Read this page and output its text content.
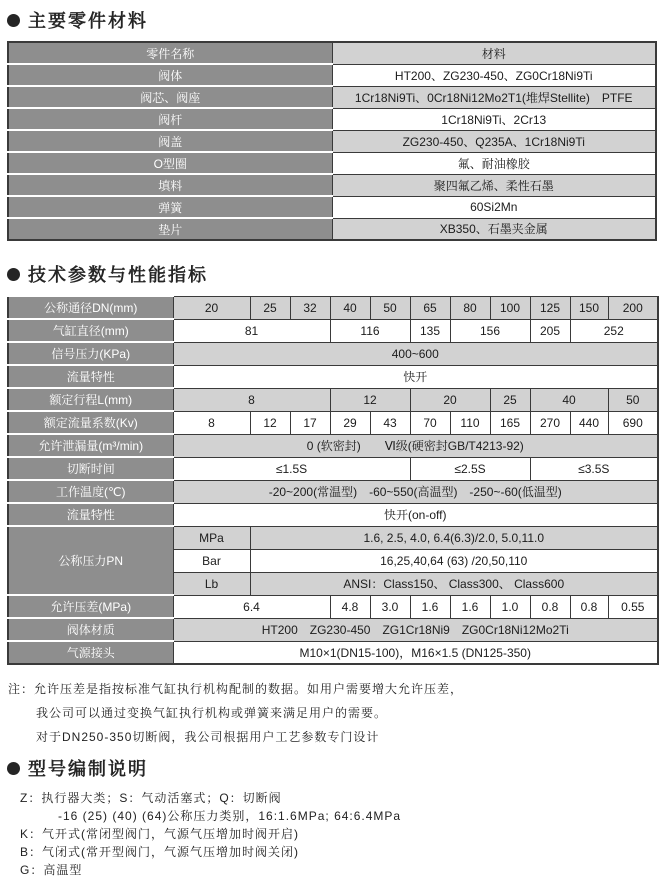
主要零件材料
零件名称	材料
阀体	HT200、ZG230-450、ZG0Cr18Ni9Ti
阀芯、阀座	1Cr18Ni9Ti、0Cr18Ni12Mo2T1(堆焊Stellite)　PTFE
阀杆	1Cr18Ni9Ti、2Cr13
阀盖	ZG230-450、Q235A、1Cr18Ni9Ti
O型圈	氟、耐油橡胶
填料	聚四氟乙烯、柔性石墨
弹簧	60Si2Mn
垫片	XB350、石墨夹金属
技术参数与性能指标
公称通径DN(mm)	20	25	32	40	50	65	80	100	125	150	200
气缸直径(mm)	81			116		135	156		205	252	
信号压力(KPa)	400~600										
流量特性	快开										
额定行程L(mm)	8			12		20		25	40		50
额定流量系数(Kv)	8	12	17	29	43	70	110	165	270	440	690
允许泄漏量(m³/min)	0 (软密封)　　Ⅵ级(硬密封GB/T4213-92)										
切断时间	≤1.5S					≤2.5S			≤3.5S		
工作温度(℃)	-20~200(常温型)　-60~550(高温型)　-250~-60(低温型)										
流量特性	快开(on-off)										
公称压力PN	MPa	1.6, 2.5, 4.0, 6.4(6.3)/2.0, 5.0,11.0									
	Bar	16,25,40,64 (63) /20,50,110									
	Lb	ANSI：Class150、 Class300、 Class600									
允许压差(MPa)	6.4			4.8	3.0	1.6	1.6	1.0	0.8	0.8	0.55
阀体材质	HT200　ZG230-450　ZG1Cr18Ni9　ZG0Cr18Ni12Mo2Ti										
气源接头	M10×1(DN15-100)，M16×1.5 (DN125-350)										
注：允许压差是指按标准气缸执行机构配制的数据。如用户需要增大允许压差，
我公司可以通过变换气缸执行机构或弹簧来满足用户的需要。
对于DN250-350切断阀，我公司根据用户工艺参数专门设计
型号编制说明
Z：执行器大类；S：气动活塞式；Q：切断阀
-16 (25) (40) (64)公称压力类别，16:1.6MPa; 64:6.4MPa
K：气开式(常闭型阀门，气源气压增加时阀开启)
B：气闭式(常开型阀门，气源气压增加时阀关闭)
G：高温型
